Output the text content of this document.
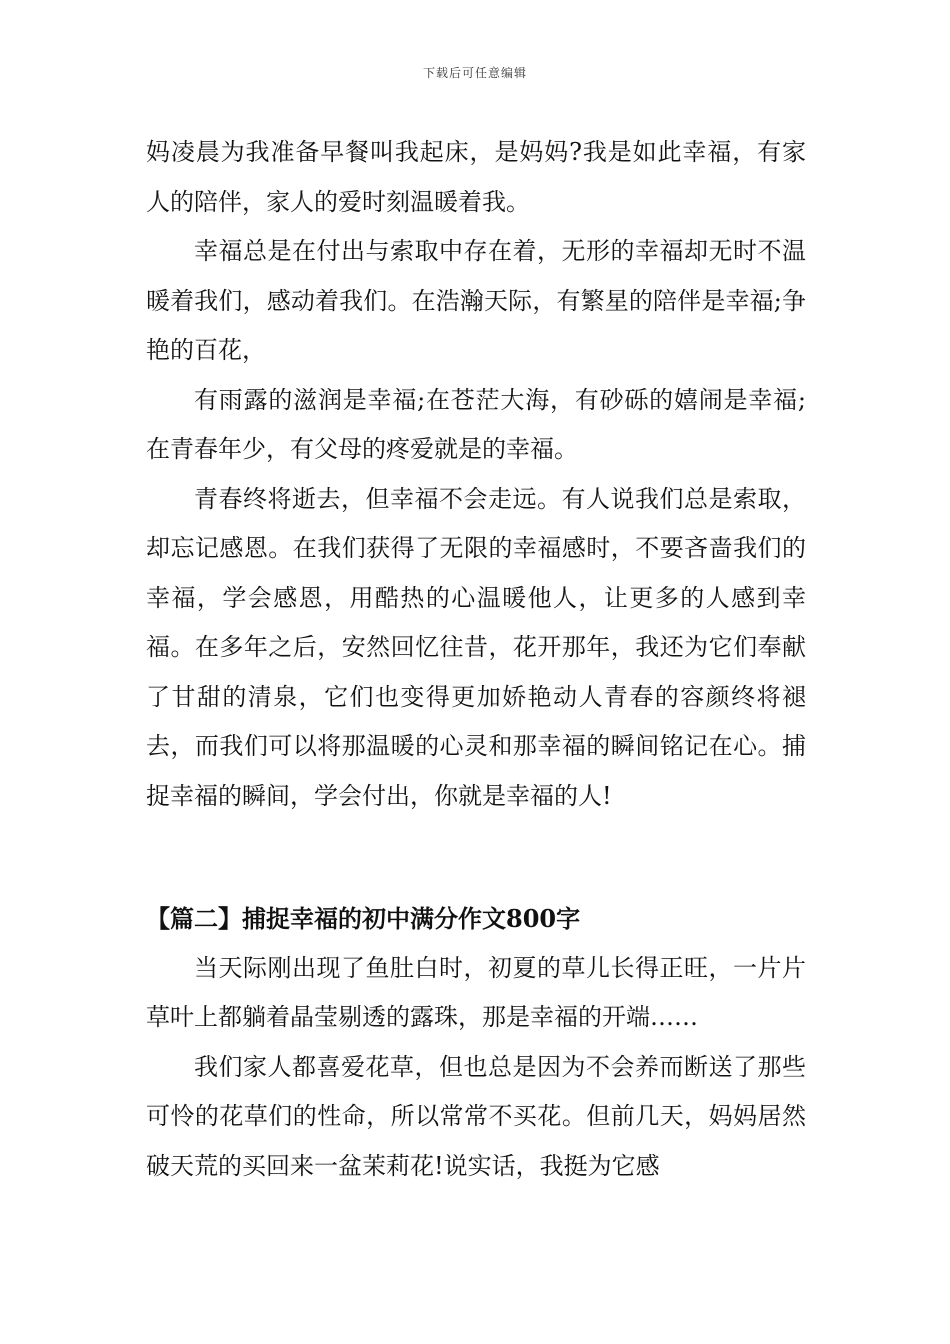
下载后可任意编辑

妈凌晨为我准备早餐叫我起床，是妈妈?我是如此幸福，有家人的陪伴，家人的爱时刻温暖着我。

幸福总是在付出与索取中存在着，无形的幸福却无时不温暖着我们，感动着我们。在浩瀚天际，有繁星的陪伴是幸福;争艳的百花，

有雨露的滋润是幸福;在苍茫大海，有砂砾的嬉闹是幸福;在青春年少，有父母的疼爱就是的幸福。

青春终将逝去，但幸福不会走远。有人说我们总是索取，却忘记感恩。在我们获得了无限的幸福感时，不要吝啬我们的幸福，学会感恩，用酷热的心温暖他人，让更多的人感到幸福。在多年之后，安然回忆往昔，花开那年，我还为它们奉献了甘甜的清泉，它们也变得更加娇艳动人青春的容颜终将褪去，而我们可以将那温暖的心灵和那幸福的瞬间铭记在心。捕捉幸福的瞬间，学会付出，你就是幸福的人!

【篇二】捕捉幸福的初中满分作文800字

当天际刚出现了鱼肚白时，初夏的草儿长得正旺，一片片草叶上都躺着晶莹剔透的露珠，那是幸福的开端……

我们家人都喜爱花草，但也总是因为不会养而断送了那些可怜的花草们的性命，所以常常不买花。但前几天，妈妈居然破天荒的买回来一盆茉莉花!说实话，我挺为它感
